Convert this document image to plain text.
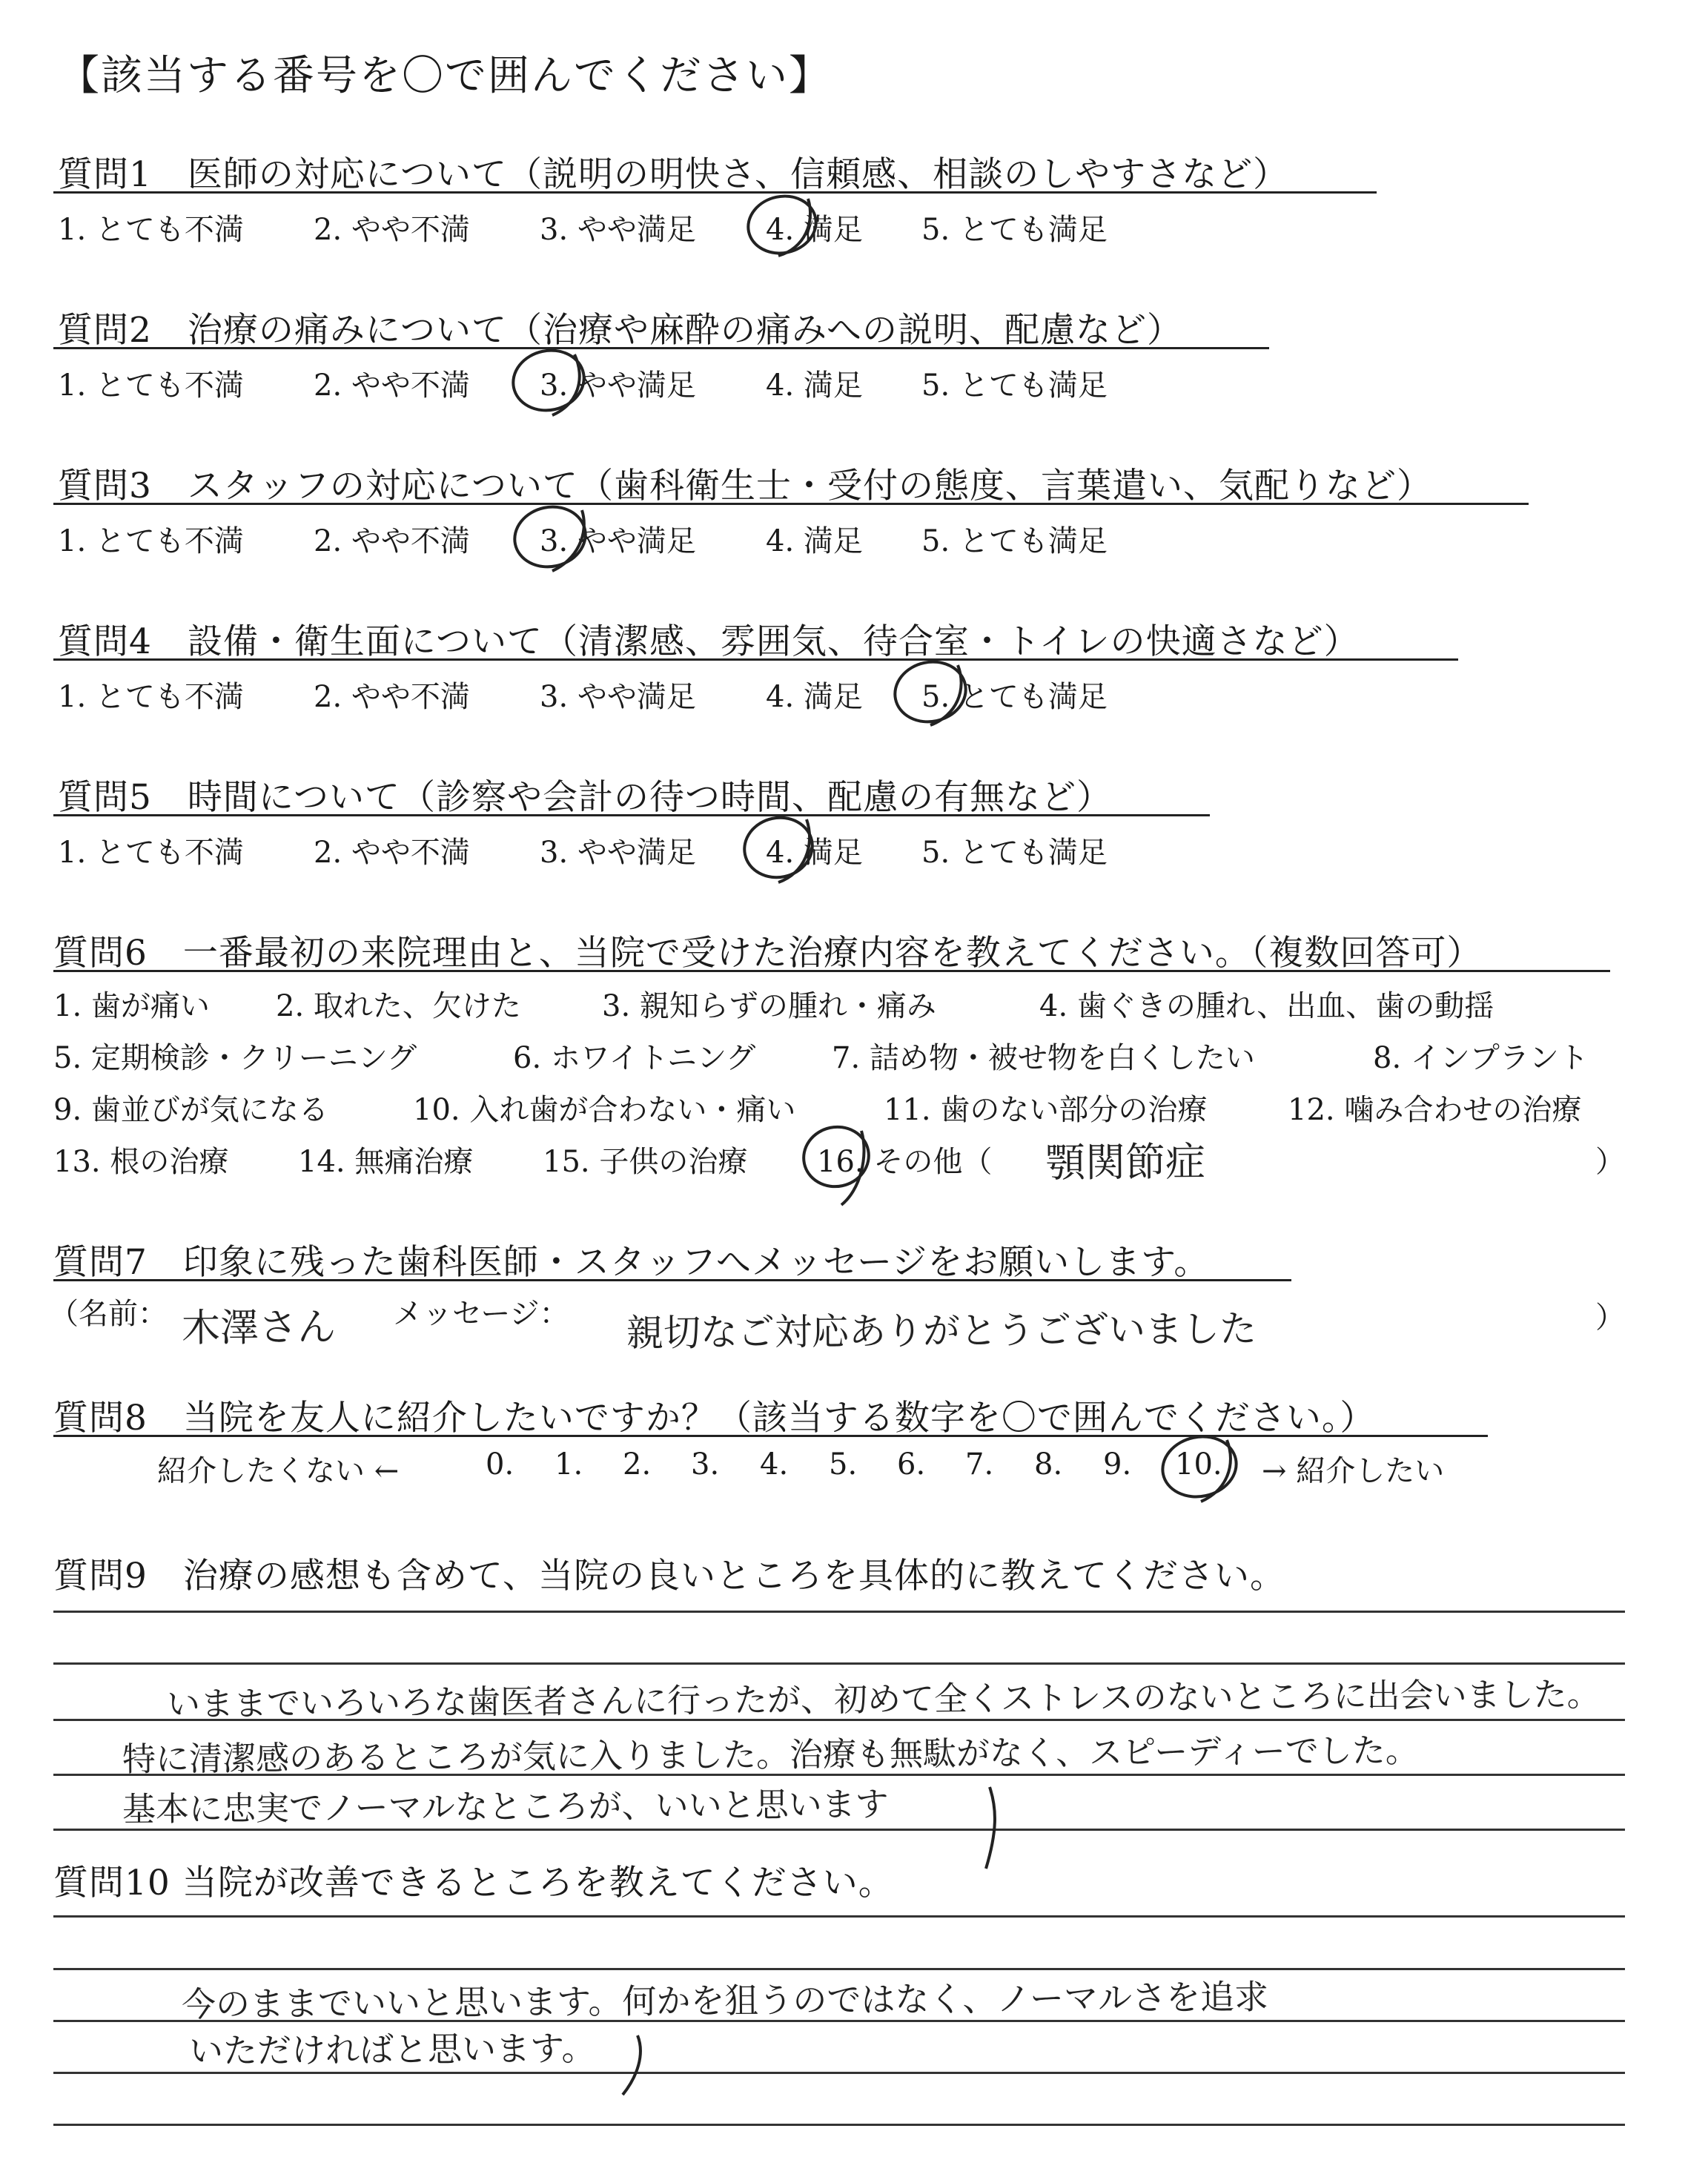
【該当する番号を〇で囲んでください】
質問1　医師の対応について（説明の明快さ、信頼感、相談のしやすさなど）
1. とても不満 2. やや不満 3. やや満足 4. 満足 5. とても満足
質問2　治療の痛みについて（治療や麻酔の痛みへの説明、配慮など）
1. とても不満 2. やや不満 3. やや満足 4. 満足 5. とても満足
質問3　スタッフの対応について（歯科衛生士・受付の態度、言葉遣い、気配りなど）
1. とても不満 2. やや不満 3. やや満足 4. 満足 5. とても満足
質問4　設備・衛生面について（清潔感、雰囲気、待合室・トイレの快適さなど）
1. とても不満 2. やや不満 3. やや満足 4. 満足 5. とても満足
質問5　時間について（診察や会計の待つ時間、配慮の有無など）
1. とても不満 2. やや不満 3. やや満足 4. 満足 5. とても満足
質問6　一番最初の来院理由と、当院で受けた治療内容を教えてください。（複数回答可）
1. 歯が痛い 2. 取れた、欠けた	3. 親知らずの腫れ・痛み	4. 歯ぐきの腫れ、出血、歯の動揺
5. 定期検診・クリーニング	6. ホワイトニング	7. 詰め物・被せ物を白くしたい	8. インプラント
9. 歯並びが気になる	10. 入れ歯が合わない・痛い	11. 歯のない部分の治療	12. 噛み合わせの治療
13. 根の治療 14. 無痛治療 15. 子供の治療 16. その他（	）
顎関節症
質問7　印象に残った歯科医師・スタッフへメッセージをお願いします。
（名前： 木澤さん メッセージ： 親切なご対応ありがとうございました	）
質問8　当院を友人に紹介したいですか？（該当する数字を〇で囲んでください。）
紹介したくない ←	0. 1. 2. 3. 4. 5. 6. 7. 8. 9. 10. → 紹介したい
質問9　治療の感想も含めて、当院の良いところを具体的に教えてください。
いままでいろいろな歯医者さんに行ったが、初めて全くストレスのないところに出会いました。
特に清潔感のあるところが気に入りました。治療も無駄がなく、スピーディーでした。
基本に忠実でノーマルなところが、いいと思います
質問10 当院が改善できるところを教えてください。
今のままでいいと思います。何かを狙うのではなく、ノーマルさを追求
いただければと思います。
